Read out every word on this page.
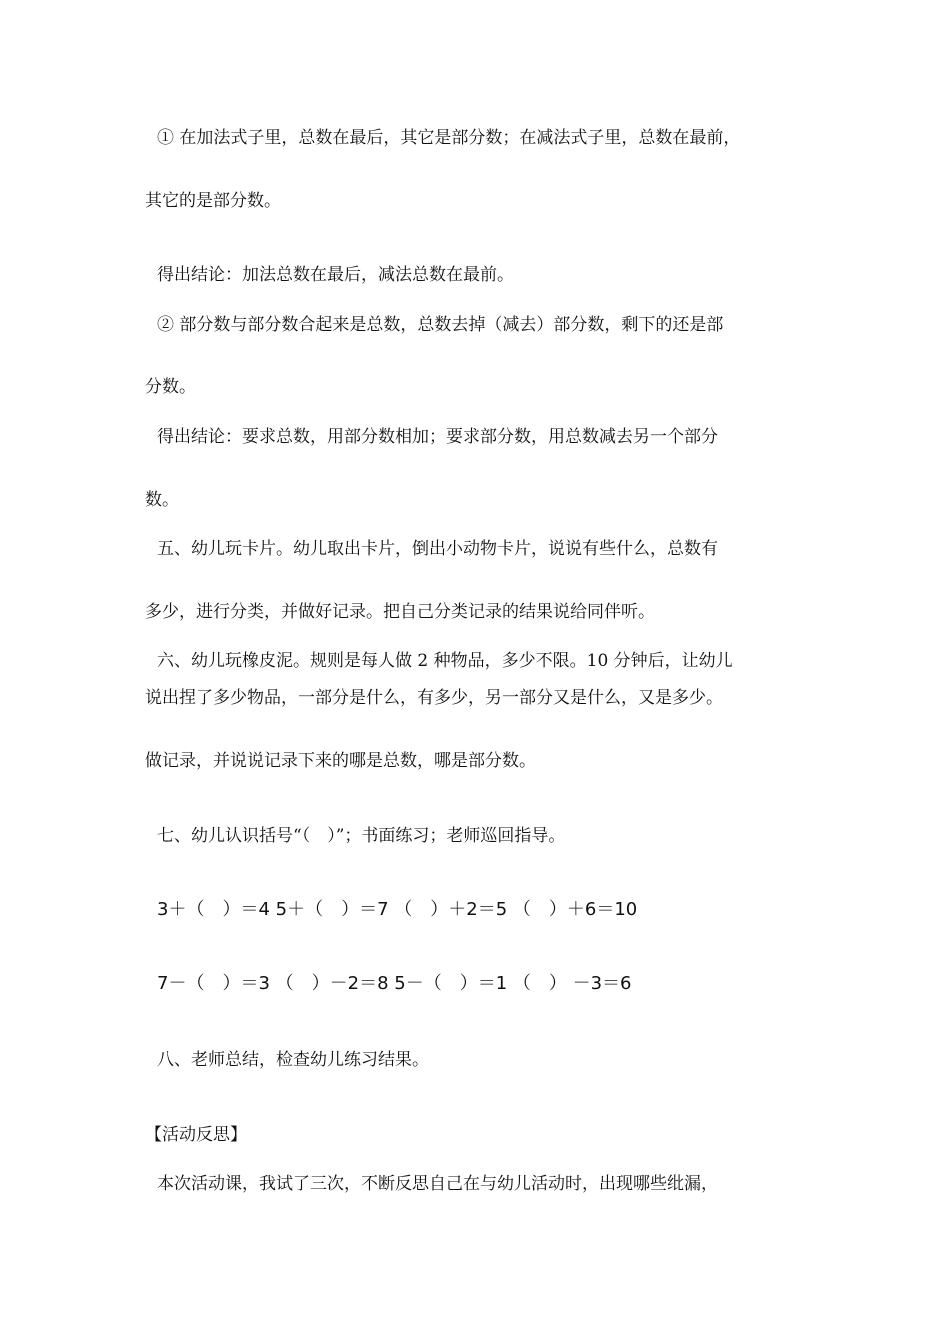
① 在加法式子里，总数在最后，其它是部分数；在减法式子里，总数在最前，
其它的是部分数。
得出结论：加法总数在最后，减法总数在最前。
② 部分数与部分数合起来是总数，总数去掉（减去）部分数，剩下的还是部
分数。
得出结论：要求总数，用部分数相加；要求部分数，用总数减去另一个部分
数。
五、幼儿玩卡片。幼儿取出卡片，倒出小动物卡片，说说有些什么，总数有
多少，进行分类，并做好记录。把自己分类记录的结果说给同伴听。
六、幼儿玩橡皮泥。规则是每人做 2 种物品，多少不限。10 分钟后，让幼儿
说出捏了多少物品，一部分是什么，有多少，另一部分又是什么，又是多少。
做记录，并说说记录下来的哪是总数，哪是部分数。
七、幼儿认识括号“（　）”；书面练习；老师巡回指导。
3＋（　）＝4 5＋（　）＝7 （　）＋2＝5 （　）＋6＝10
7－（　）＝3 （　）－2＝8 5－（　）＝1 （　） －3＝6
八、老师总结，检查幼儿练习结果。
【活动反思】
本次活动课，我试了三次，不断反思自己在与幼儿活动时，出现哪些纰漏，
